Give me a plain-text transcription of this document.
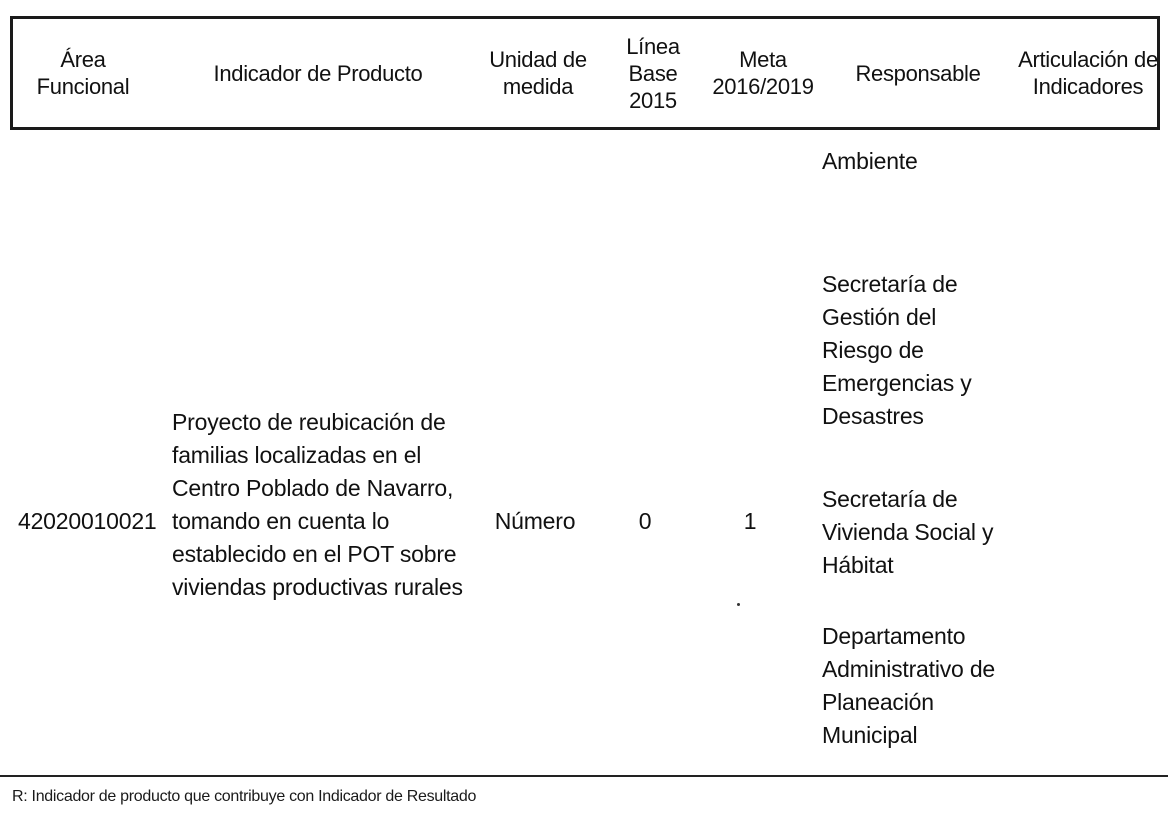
Área
Funcional
Indicador de Producto
Unidad de
medida
Línea
Base
2015
Meta
2016/2019
Responsable
Articulación de
Indicadores
Ambiente
42020010021
Proyecto de reubicación de
familias localizadas en el
Centro Poblado de Navarro,
tomando en cuenta lo
establecido en el POT sobre
viviendas productivas rurales
Número	0	1
Secretaría de
Gestión del
Riesgo de
Emergencias y
Desastres
Secretaría de
Vivienda Social y
Hábitat
Departamento
Administrativo de
Planeación
Municipal
R: Indicador de producto que contribuye con Indicador de Resultado
